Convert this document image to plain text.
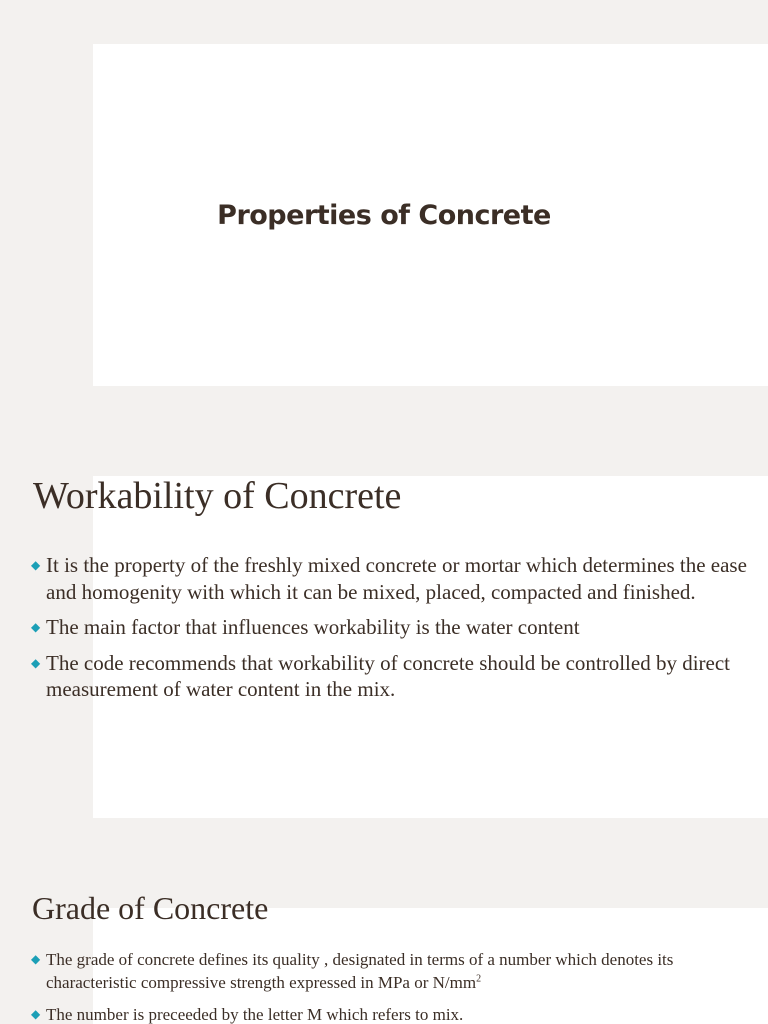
Properties of Concrete
Workability of Concrete
◆ It is the property of the freshly mixed concrete or mortar which determines the ease and homogenity with which it can be mixed, placed, compacted and finished.
◆ The main factor that influences workability is the water content
◆ The code recommends that workability of concrete should be controlled by direct measurement of water content in the mix.
Grade of Concrete
◆ The grade of concrete defines its quality , designated in terms of a number which denotes its characteristic compressive strength expressed in MPa or $N/mm^2$
◆ The number is preceeded by the letter M which refers to mix.
